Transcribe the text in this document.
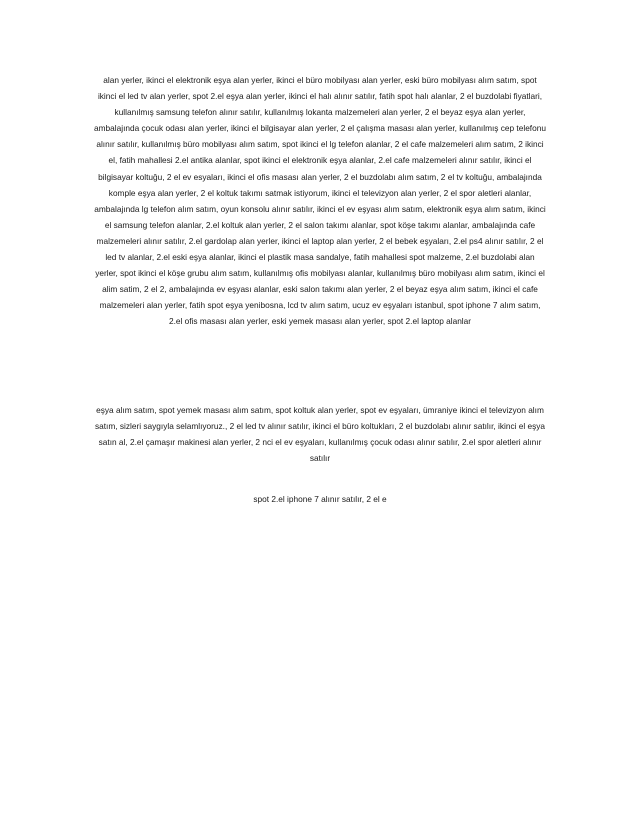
alan yerler, ikinci el elektronik eşya alan yerler, ikinci el büro mobilyası alan yerler, eski büro mobilyası alım satım, spot ikinci el led tv alan yerler, spot 2.el eşya alan yerler, ikinci el halı alınır satılır, fatih spot halı alanlar, 2 el buzdolabi fiyatlari, kullanılmış samsung telefon alınır satılır, kullanılmış lokanta malzemeleri alan yerler, 2 el beyaz eşya alan yerler, ambalajında çocuk odası alan yerler, ikinci el bilgisayar alan yerler, 2 el çalışma masası alan yerler, kullanılmış cep telefonu alınır satılır, kullanılmış büro mobilyası alım satım, spot ikinci el lg telefon alanlar, 2 el cafe malzemeleri alım satım, 2 ikinci el, fatih mahallesi 2.el antika alanlar, spot ikinci el elektronik eşya alanlar, 2.el cafe malzemeleri alınır satılır, ikinci el bilgisayar koltuğu, 2 el ev esyaları, ikinci el ofis masası alan yerler, 2 el buzdolabı alım satım, 2 el tv koltuğu, ambalajında komple eşya alan yerler, 2 el koltuk takımı satmak istiyorum, ikinci el televizyon alan yerler, 2 el spor aletleri alanlar, ambalajında lg telefon alım satım, oyun konsolu alınır satılır, ikinci el ev eşyası alım satım, elektronik eşya alım satım, ikinci el samsung telefon alanlar, 2.el koltuk alan yerler, 2 el salon takımı alanlar, spot köşe takımı alanlar, ambalajında cafe malzemeleri alınır satılır, 2.el gardolap alan yerler, ikinci el laptop alan yerler, 2 el bebek eşyaları, 2.el ps4 alınır satılır, 2 el led tv alanlar, 2.el eski eşya alanlar, ikinci el plastik masa sandalye, fatih mahallesi spot malzeme, 2.el buzdolabi alan yerler, spot ikinci el köşe grubu alım satım, kullanılmış ofis mobilyası alanlar, kullanılmış büro mobilyası alım satım, ikinci el alim satim, 2 el 2, ambalajında ev eşyası alanlar, eski salon takımı alan yerler, 2 el beyaz eşya alım satım, ikinci el cafe malzemeleri alan yerler, fatih spot eşya yenibosna, lcd tv alım satım, ucuz ev eşyaları istanbul, spot iphone 7 alım satım, 2.el ofis masası alan yerler, eski yemek masası alan yerler, spot 2.el laptop alanlar

eşya alım satım, spot yemek masası alım satım, spot koltuk alan yerler, spot ev eşyaları, ümraniye ikinci el televizyon alım satım, sizleri saygıyla selamlıyoruz., 2 el led tv alınır satılır, ikinci el büro koltukları, 2 el buzdolabı alınır satılır, ikinci el eşya satın al, 2.el çamaşır makinesi alan yerler, 2 nci el ev eşyaları, kullanılmış çocuk odası alınır satılır, 2.el spor aletleri alınır satılır

spot 2.el iphone 7 alınır satılır, 2 el e
